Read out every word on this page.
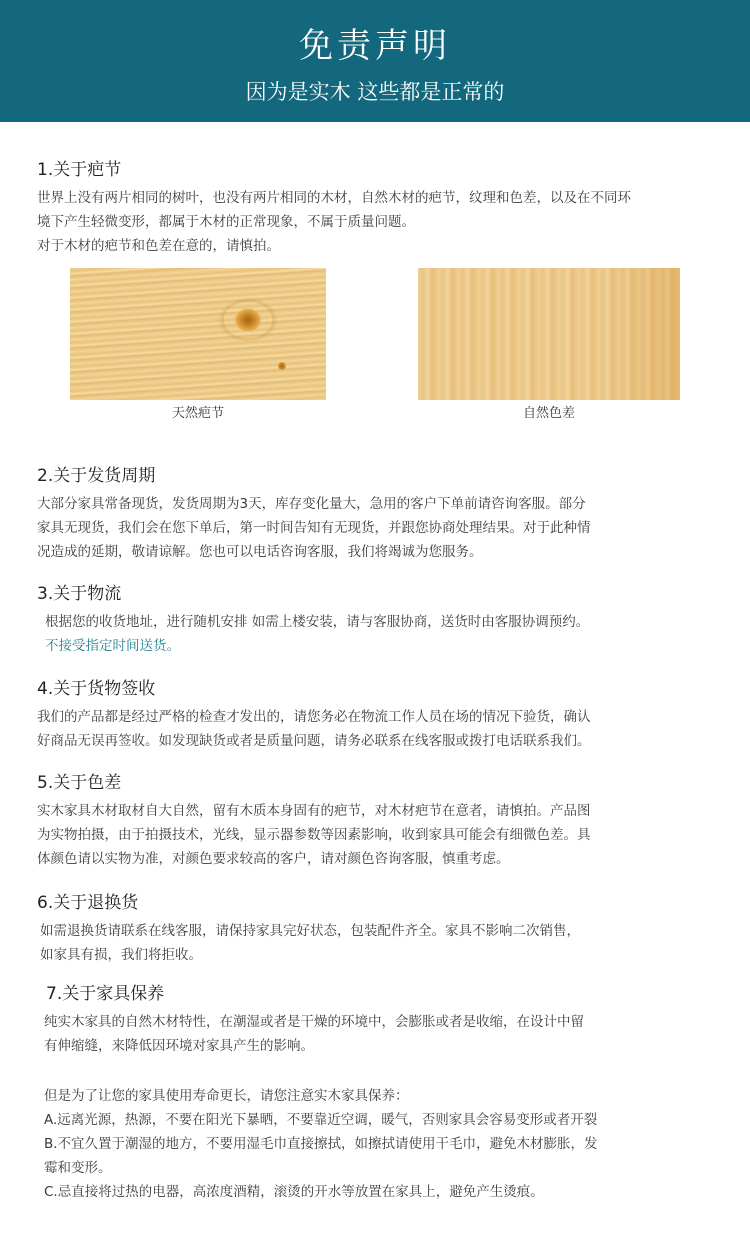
免责声明
因为是实木 这些都是正常的
1.关于疤节

世界上没有两片相同的树叶，也没有两片相同的木材，自然木材的疤节，纹理和色差，以及在不同环

境下产生轻微变形，都属于木材的正常现象，不属于质量问题。

对于木材的疤节和色差在意的，请慎拍。

天然疤节	自然色差
2.关于发货周期

大部分家具常备现货，发货周期为3天，库存变化量大，急用的客户下单前请咨询客服。部分

家具无现货，我们会在您下单后，第一时间告知有无现货，并跟您协商处理结果。对于此种情

况造成的延期，敬请谅解。您也可以电话咨询客服，我们将竭诚为您服务。

3.关于物流

根据您的收货地址，进行随机安排 如需上楼安装，请与客服协商，送货时由客服协调预约。

不接受指定时间送货。

4.关于货物签收

我们的产品都是经过严格的检查才发出的，请您务必在物流工作人员在场的情况下验货，确认

好商品无误再签收。如发现缺货或者是质量问题，请务必联系在线客服或拨打电话联系我们。

5.关于色差

实木家具木材取材自大自然，留有木质本身固有的疤节，对木材疤节在意者，请慎拍。产品图

为实物拍摄，由于拍摄技术，光线，显示器参数等因素影响，收到家具可能会有细微色差。具

体颜色请以实物为准，对颜色要求较高的客户，请对颜色咨询客服，慎重考虑。

6.关于退换货

如需退换货请联系在线客服，请保持家具完好状态，包装配件齐全。家具不影响二次销售，

如家具有损，我们将拒收。

7.关于家具保养

纯实木家具的自然木材特性，在潮湿或者是干燥的环境中，会膨胀或者是收缩，在设计中留

有伸缩缝，来降低因环境对家具产生的影响。

但是为了让您的家具使用寿命更长，请您注意实木家具保养：

A.远离光源，热源，不要在阳光下暴晒，不要靠近空调，暖气，否则家具会容易变形或者开裂

B.不宜久置于潮湿的地方，不要用湿毛巾直接擦拭，如擦拭请使用干毛巾，避免木材膨胀，发

霉和变形。

C.忌直接将过热的电器，高浓度酒精，滚烫的开水等放置在家具上，避免产生烫痕。
